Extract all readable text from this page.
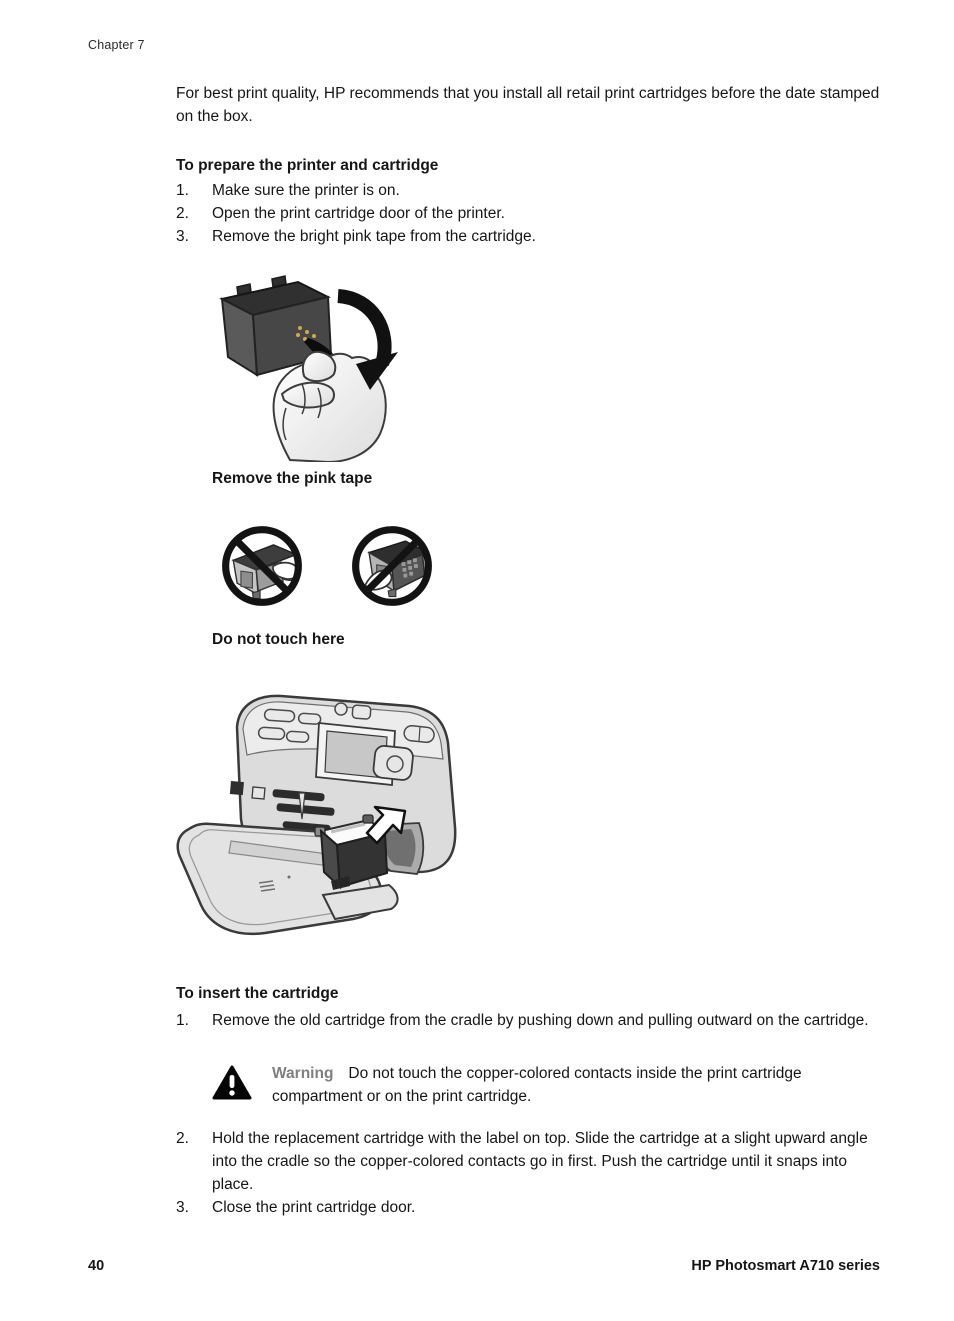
Chapter 7
For best print quality, HP recommends that you install all retail print cartridges before the date stamped on the box.
To prepare the printer and cartridge
1.	Make sure the printer is on.
2.	Open the print cartridge door of the printer.
3.	Remove the bright pink tape from the cartridge.
Remove the pink tape
Do not touch here
To insert the cartridge
1.	Remove the old cartridge from the cradle by pushing down and pulling outward on the cartridge.
Warning Do not touch the copper-colored contacts inside the print cartridge compartment or on the print cartridge.
2.	Hold the replacement cartridge with the label on top. Slide the cartridge at a slight upward angle into the cradle so the copper-colored contacts go in first. Push the cartridge until it snaps into place.
3.	Close the print cartridge door.
40	HP Photosmart A710 series
